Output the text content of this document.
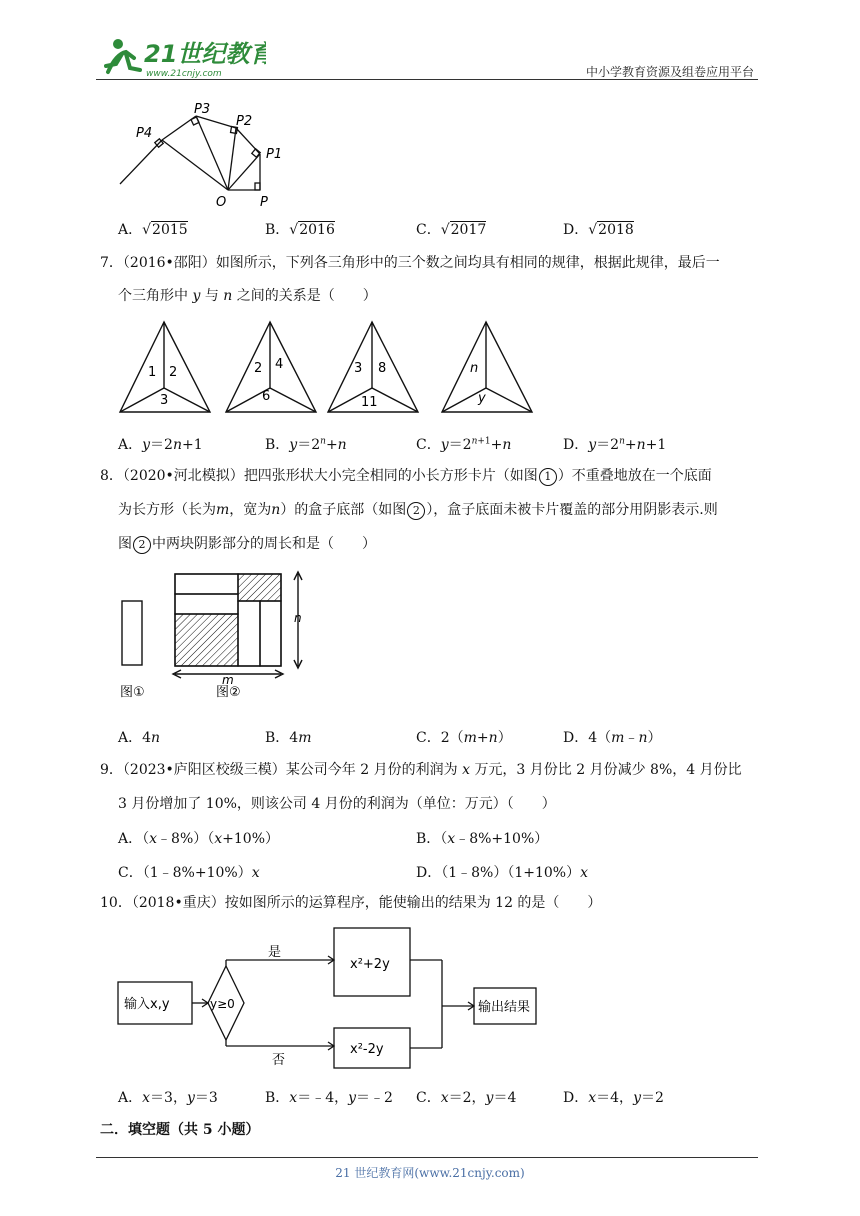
21世纪教育
www.21cnjy.com	中小学教育资源及组卷应用平台
P4
P3
P2
P1
O	P
A．√2015	B．√2016	C．√2017	D．√2018
7．（2016•邵阳）如图所示，下列各三角形中的三个数之间均具有相同的规律，根据此规律，最后一
个三角形中 y 与 n 之间的关系是（　　）
1 2
3
2 4
6
3 8
11
n
y
A．y＝2n+1	B．$y=2^n+n$	C．$y=2^{n+1}+n$	D．$y=2^n+n+1$
8．（2020•河北模拟）把四张形状大小完全相同的小长方形卡片（如图 1 ）不重叠地放在一个底面
为长方形（长为m，宽为n）的盒子底部（如图 2 ），盒子底面未被卡片覆盖的部分用阴影表示.则
图 2 中两块阴影部分的周长和是（　　）
n
m
图①	图②
A．4n	B．4m	C．2（m+n）	D．4（m﹣n）
9．（2023•庐阳区校级三模）某公司今年 2 月份的利润为 x 万元，3 月份比 2 月份减少 8%，4 月份比
3 月份增加了 10%，则该公司 4 月份的利润为（单位：万元）（　　）
A．（x﹣8%）（x+10%）	B．（x﹣8%+10%）
C．（1﹣8%+10%）x	D．（1﹣8%）（1+10%）x
10．（2018•重庆）按如图所示的运算程序，能使输出的结果为 12 的是（　　）
输入x,y	y≥0
是
否
x²+2y
x²-2y
输出结果
A．x＝3，y＝3	B．x＝﹣4，y＝﹣2 C．x＝2，y＝4	D．x＝4，y＝2
二．填空题（共 5 小题）
21 世纪教育网(www.21cnjy.com)
